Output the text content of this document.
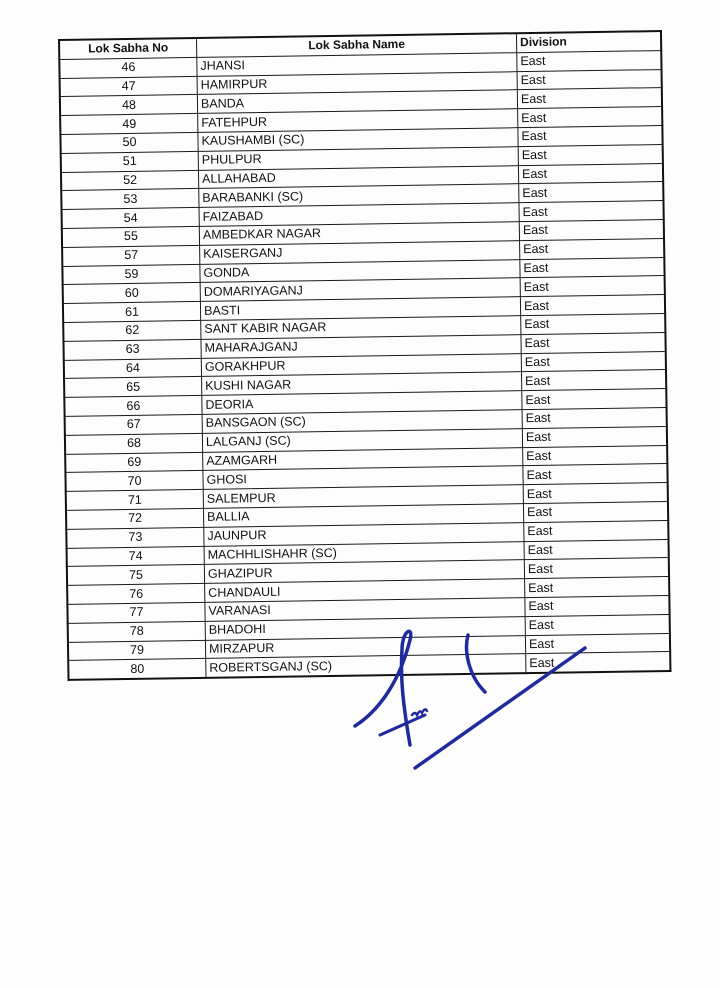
Lok Sabha No	Lok Sabha Name	Division
46	JHANSI	East
47	HAMIRPUR	East
48	BANDA	East
49	FATEHPUR	East
50	KAUSHAMBI (SC)	East
51	PHULPUR	East
52	ALLAHABAD	East
53	BARABANKI (SC)	East
54	FAIZABAD	East
55	AMBEDKAR NAGAR	East
57	KAISERGANJ	East
59	GONDA	East
60	DOMARIYAGANJ	East
61	BASTI	East
62	SANT KABIR NAGAR	East
63	MAHARAJGANJ	East
64	GORAKHPUR	East
65	KUSHI NAGAR	East
66	DEORIA	East
67	BANSGAON (SC)	East
68	LALGANJ (SC)	East
69	AZAMGARH	East
70	GHOSI	East
71	SALEMPUR	East
72	BALLIA	East
73	JAUNPUR	East
74	MACHHLISHAHR (SC)	East
75	GHAZIPUR	East
76	CHANDAULI	East
77	VARANASI	East
78	BHADOHI	East
79	MIRZAPUR	East
80	ROBERTSGANJ (SC)	East
